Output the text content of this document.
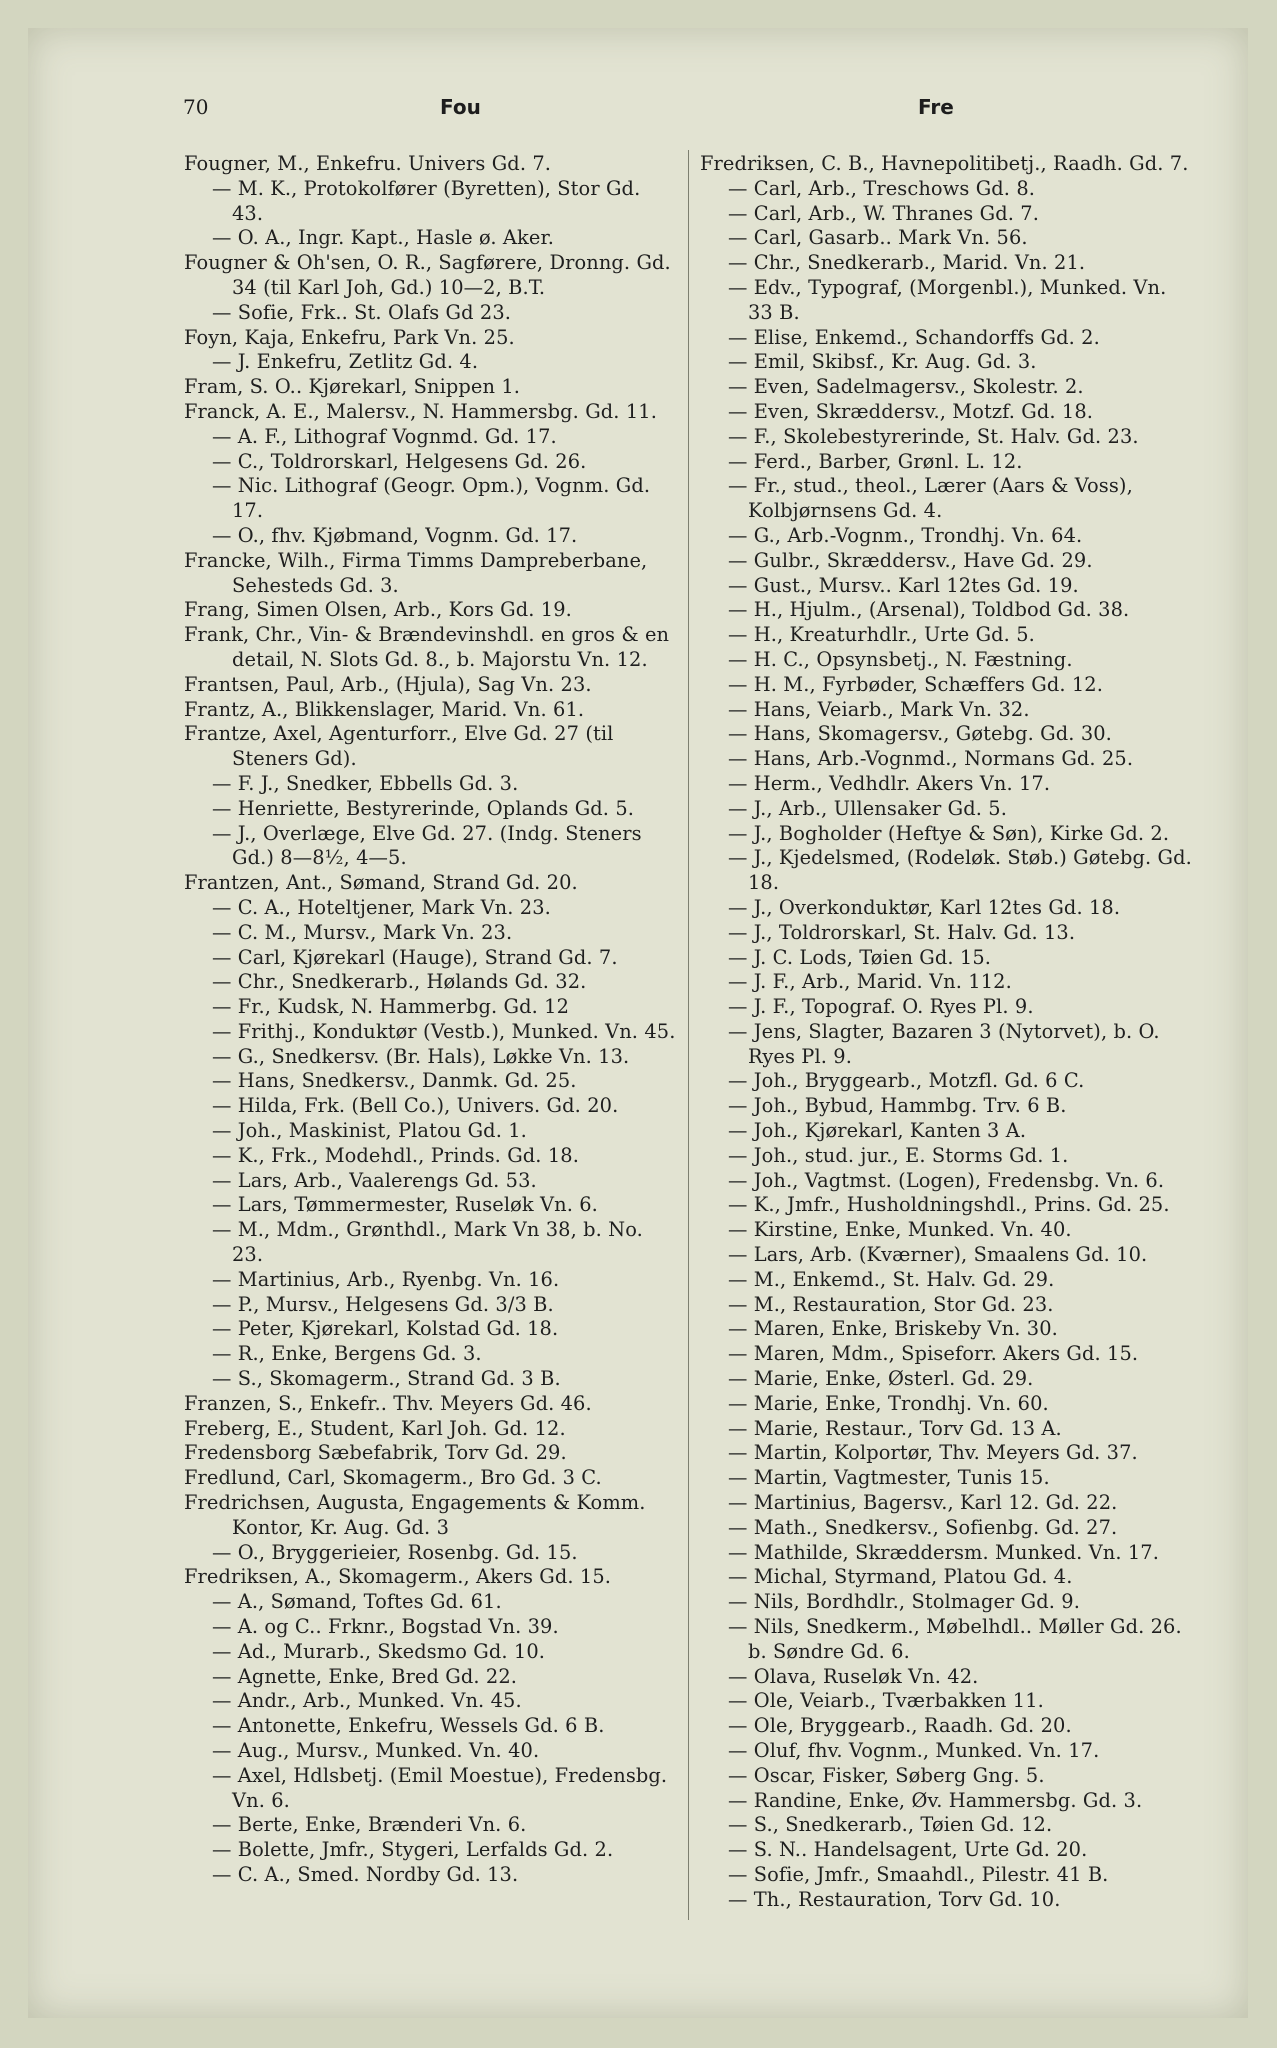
70	Fou	Fre
Fougner, M., Enkefru. Univers Gd. 7.
— M. K., Protokolfører (Byretten), Stor Gd. 43.
— O. A., Ingr. Kapt., Hasle ø. Aker.
Fougner & Oh'sen, O. R., Sagførere, Dronng. Gd. 34 (til Karl Joh, Gd.) 10—2, B.T.
— Sofie, Frk.. St. Olafs Gd 23.
Foyn, Kaja, Enkefru, Park Vn. 25.
— J. Enkefru, Zetlitz Gd. 4.
Fram, S. O.. Kjørekarl, Snippen 1.
Franck, A. E., Malersv., N. Hammersbg. Gd. 11.
— A. F., Lithograf Vognmd. Gd. 17.
— C., Toldrorskarl, Helgesens Gd. 26.
— Nic. Lithograf (Geogr. Opm.), Vognm. Gd. 17.
— O., fhv. Kjøbmand, Vognm. Gd. 17.
Francke, Wilh., Firma Timms Dampreberbane, Sehesteds Gd. 3.
Frang, Simen Olsen, Arb., Kors Gd. 19.
Frank, Chr., Vin- & Brændevinshdl. en gros & en detail, N. Slots Gd. 8., b. Majorstu Vn. 12.
Frantsen, Paul, Arb., (Hjula), Sag Vn. 23.
Frantz, A., Blikkenslager, Marid. Vn. 61.
Frantze, Axel, Agenturforr., Elve Gd. 27 (til Steners Gd).
— F. J., Snedker, Ebbells Gd. 3.
— Henriette, Bestyrerinde, Oplands Gd. 5.
— J., Overlæge, Elve Gd. 27. (Indg. Steners Gd.) 8—8½, 4—5.
Frantzen, Ant., Sømand, Strand Gd. 20.
— C. A., Hoteltjener, Mark Vn. 23.
— C. M., Mursv., Mark Vn. 23.
— Carl, Kjørekarl (Hauge), Strand Gd. 7.
— Chr., Snedkerarb., Hølands Gd. 32.
— Fr., Kudsk, N. Hammerbg. Gd. 12
— Frithj., Konduktør (Vestb.), Munked. Vn. 45.
— G., Snedkersv. (Br. Hals), Løkke Vn. 13.
— Hans, Snedkersv., Danmk. Gd. 25.
— Hilda, Frk. (Bell Co.), Univers. Gd. 20.
— Joh., Maskinist, Platou Gd. 1.
— K., Frk., Modehdl., Prinds. Gd. 18.
— Lars, Arb., Vaalerengs Gd. 53.
— Lars, Tømmermester, Ruseløk Vn. 6.
— M., Mdm., Grønthdl., Mark Vn 38, b. No. 23.
— Martinius, Arb., Ryenbg. Vn. 16.
— P., Mursv., Helgesens Gd. 3/3 B.
— Peter, Kjørekarl, Kolstad Gd. 18.
— R., Enke, Bergens Gd. 3.
— S., Skomagerm., Strand Gd. 3 B.
Franzen, S., Enkefr.. Thv. Meyers Gd. 46.
Freberg, E., Student, Karl Joh. Gd. 12.
Fredensborg Sæbefabrik, Torv Gd. 29.
Fredlund, Carl, Skomagerm., Bro Gd. 3 C.
Fredrichsen, Augusta, Engagements & Komm. Kontor, Kr. Aug. Gd. 3
— O., Bryggerieier, Rosenbg. Gd. 15.
Fredriksen, A., Skomagerm., Akers Gd. 15.
— A., Sømand, Toftes Gd. 61.
— A. og C.. Frknr., Bogstad Vn. 39.
— Ad., Murarb., Skedsmo Gd. 10.
— Agnette, Enke, Bred Gd. 22.
— Andr., Arb., Munked. Vn. 45.
— Antonette, Enkefru, Wessels Gd. 6 B.
— Aug., Mursv., Munked. Vn. 40.
— Axel, Hdlsbetj. (Emil Moestue), Fredensbg. Vn. 6.
— Berte, Enke, Brænderi Vn. 6.
— Bolette, Jmfr., Stygeri, Lerfalds Gd. 2.
— C. A., Smed. Nordby Gd. 13.
Fredriksen, C. B., Havnepolitibetj., Raadh. Gd. 7.
— Carl, Arb., Treschows Gd. 8.
— Carl, Arb., W. Thranes Gd. 7.
— Carl, Gasarb.. Mark Vn. 56.
— Chr., Snedkerarb., Marid. Vn. 21.
— Edv., Typograf, (Morgenbl.), Munked. Vn. 33 B.
— Elise, Enkemd., Schandorffs Gd. 2.
— Emil, Skibsf., Kr. Aug. Gd. 3.
— Even, Sadelmagersv., Skolestr. 2.
— Even, Skræddersv., Motzf. Gd. 18.
— F., Skolebestyrerinde, St. Halv. Gd. 23.
— Ferd., Barber, Grønl. L. 12.
— Fr., stud., theol., Lærer (Aars & Voss), Kolbjørnsens Gd. 4.
— G., Arb.-Vognm., Trondhj. Vn. 64.
— Gulbr., Skræddersv., Have Gd. 29.
— Gust., Mursv.. Karl 12tes Gd. 19.
— H., Hjulm., (Arsenal), Toldbod Gd. 38.
— H., Kreaturhdlr., Urte Gd. 5.
— H. C., Opsynsbetj., N. Fæstning.
— H. M., Fyrbøder, Schæffers Gd. 12.
— Hans, Veiarb., Mark Vn. 32.
— Hans, Skomagersv., Gøtebg. Gd. 30.
— Hans, Arb.-Vognmd., Normans Gd. 25.
— Herm., Vedhdlr. Akers Vn. 17.
— J., Arb., Ullensaker Gd. 5.
— J., Bogholder (Heftye & Søn), Kirke Gd. 2.
— J., Kjedelsmed, (Rodeløk. Støb.) Gøtebg. Gd. 18.
— J., Overkonduktør, Karl 12tes Gd. 18.
— J., Toldrorskarl, St. Halv. Gd. 13.
— J. C. Lods, Tøien Gd. 15.
— J. F., Arb., Marid. Vn. 112.
— J. F., Topograf. O. Ryes Pl. 9.
— Jens, Slagter, Bazaren 3 (Nytorvet), b. O. Ryes Pl. 9.
— Joh., Bryggearb., Motzfl. Gd. 6 C.
— Joh., Bybud, Hammbg. Trv. 6 B.
— Joh., Kjørekarl, Kanten 3 A.
— Joh., stud. jur., E. Storms Gd. 1.
— Joh., Vagtmst. (Logen), Fredensbg. Vn. 6.
— K., Jmfr., Husholdningshdl., Prins. Gd. 25.
— Kirstine, Enke, Munked. Vn. 40.
— Lars, Arb. (Kværner), Smaalens Gd. 10.
— M., Enkemd., St. Halv. Gd. 29.
— M., Restauration, Stor Gd. 23.
— Maren, Enke, Briskeby Vn. 30.
— Maren, Mdm., Spiseforr. Akers Gd. 15.
— Marie, Enke, Østerl. Gd. 29.
— Marie, Enke, Trondhj. Vn. 60.
— Marie, Restaur., Torv Gd. 13 A.
— Martin, Kolportør, Thv. Meyers Gd. 37.
— Martin, Vagtmester, Tunis 15.
— Martinius, Bagersv., Karl 12. Gd. 22.
— Math., Snedkersv., Sofienbg. Gd. 27.
— Mathilde, Skræddersm. Munked. Vn. 17.
— Michal, Styrmand, Platou Gd. 4.
— Nils, Bordhdlr., Stolmager Gd. 9.
— Nils, Snedkerm., Møbelhdl.. Møller Gd. 26. b. Søndre Gd. 6.
— Olava, Ruseløk Vn. 42.
— Ole, Veiarb., Tværbakken 11.
— Ole, Bryggearb., Raadh. Gd. 20.
— Oluf, fhv. Vognm., Munked. Vn. 17.
— Oscar, Fisker, Søberg Gng. 5.
— Randine, Enke, Øv. Hammersbg. Gd. 3.
— S., Snedkerarb., Tøien Gd. 12.
— S. N.. Handelsagent, Urte Gd. 20.
— Sofie, Jmfr., Smaahdl., Pilestr. 41 B.
— Th., Restauration, Torv Gd. 10.
